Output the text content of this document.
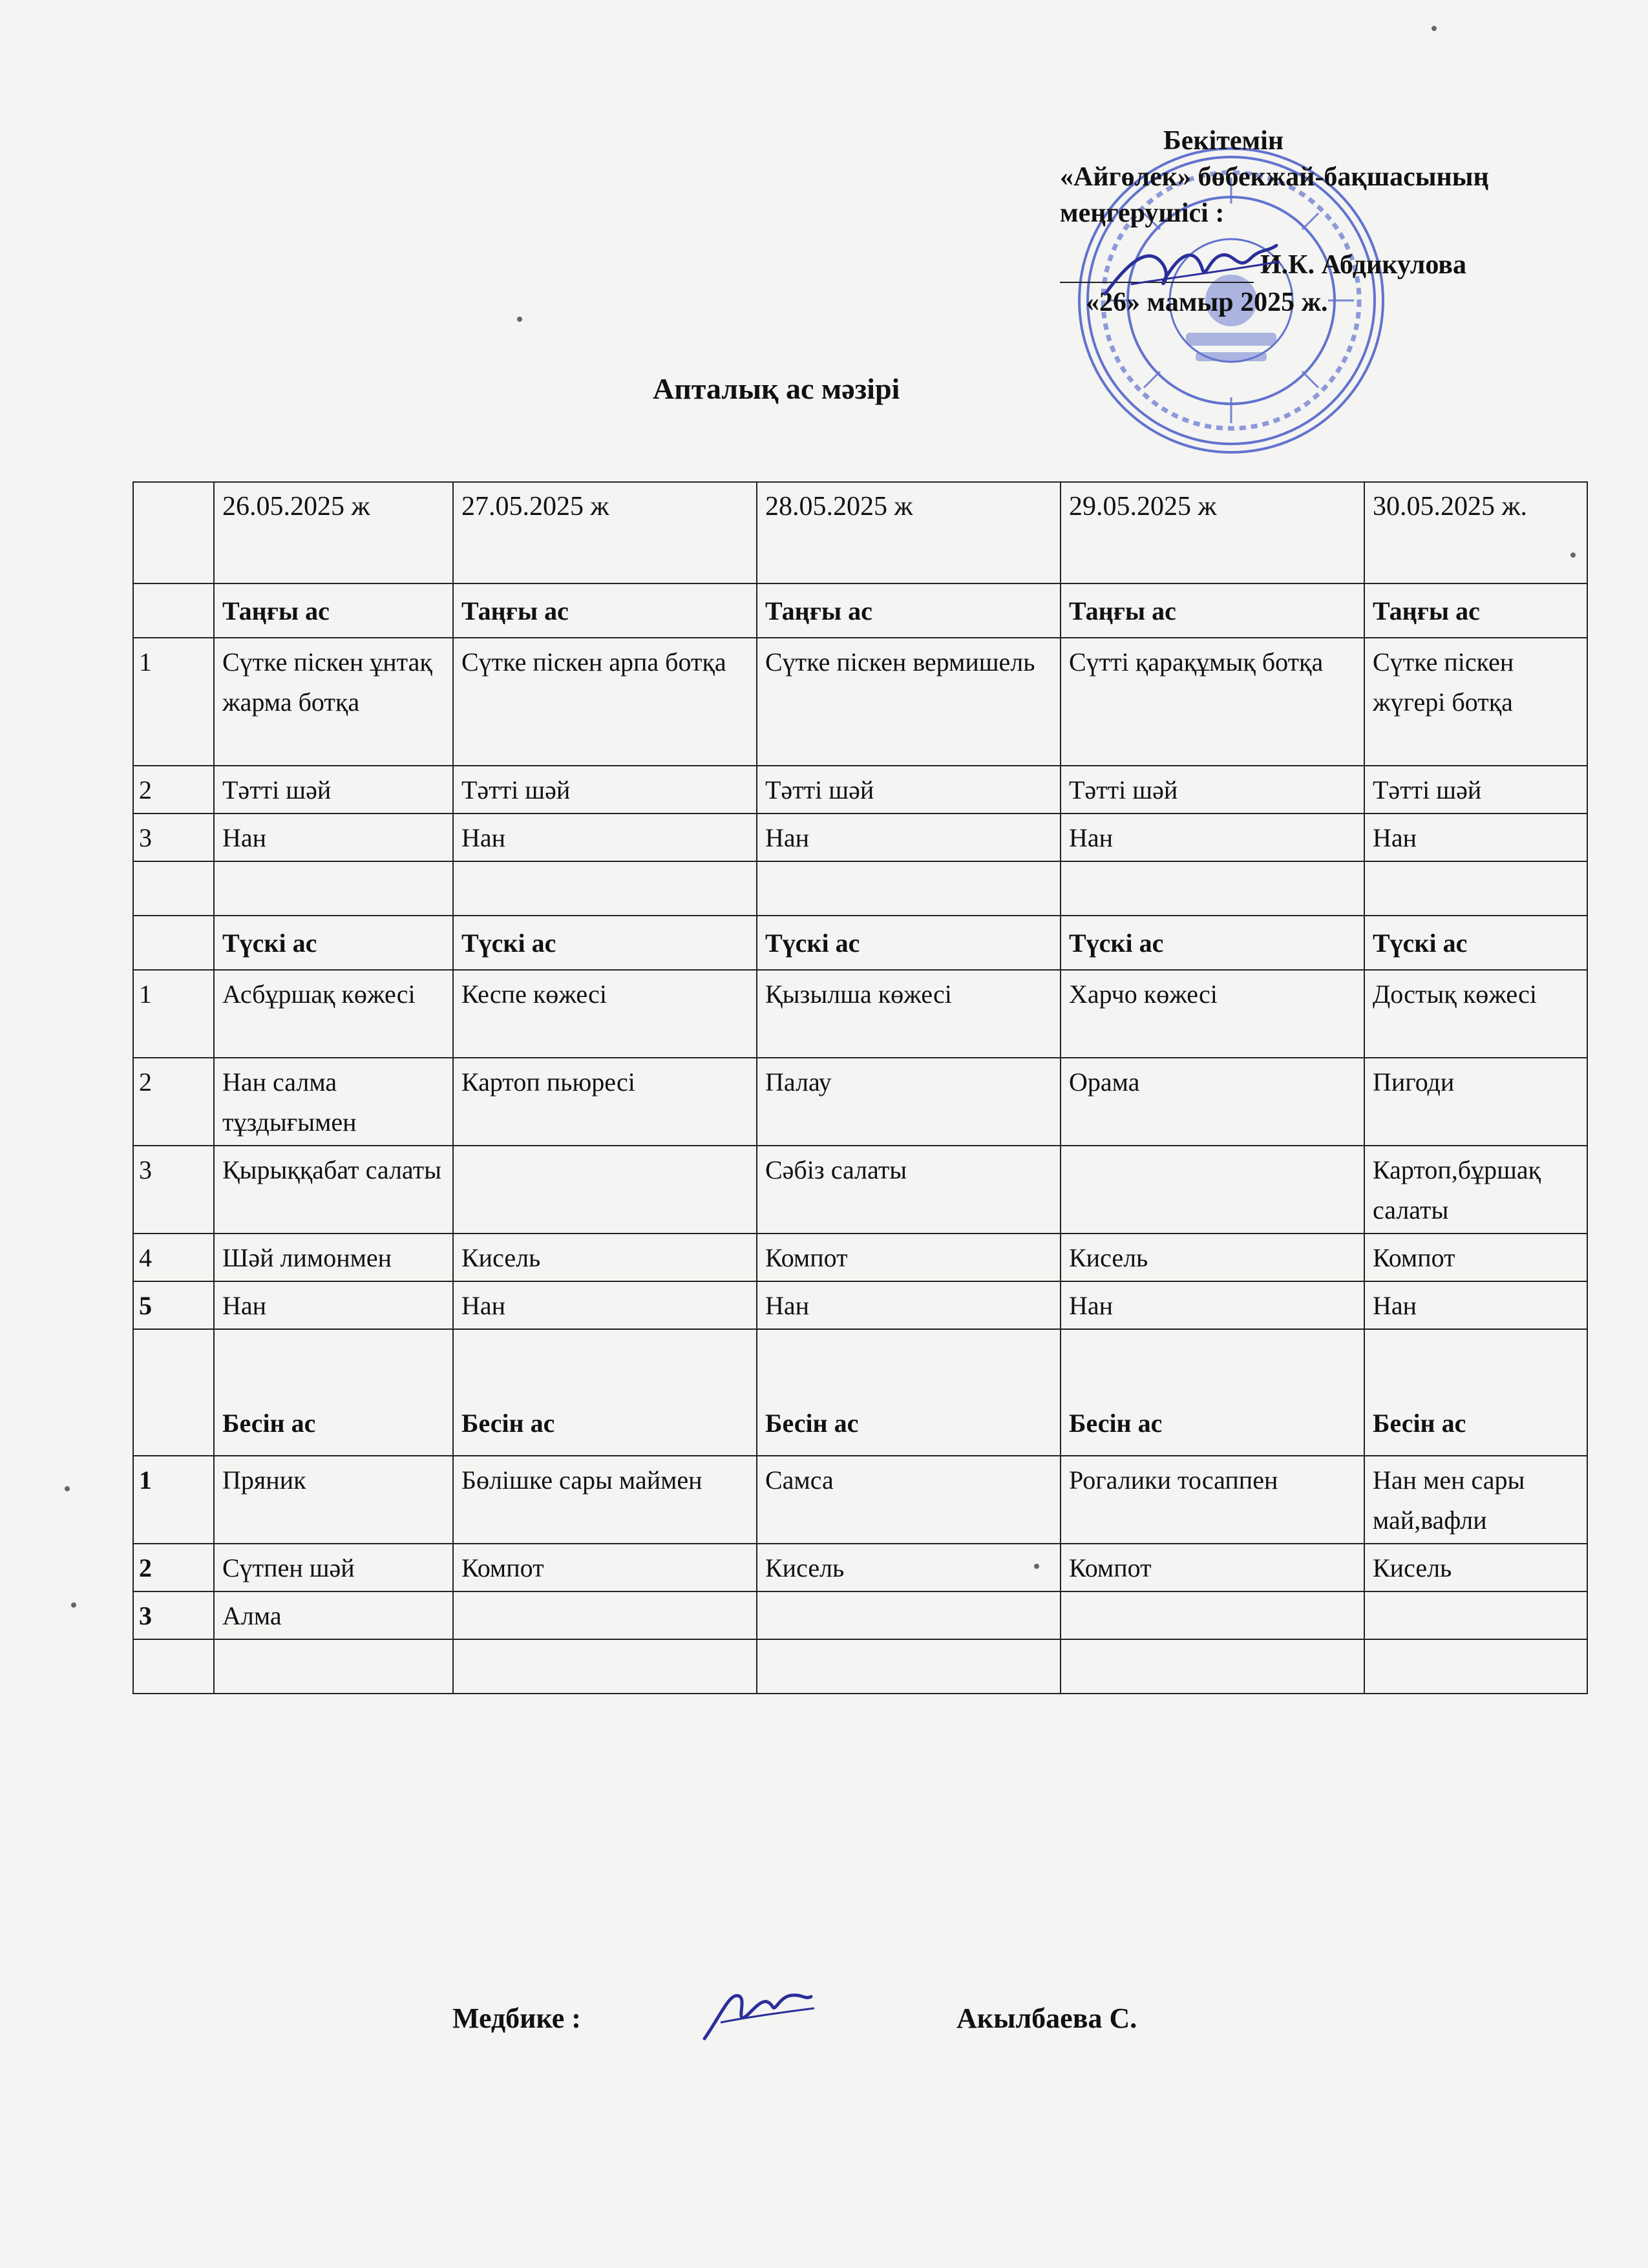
Бекітемін
«Айгөлек» бөбекжай-бақшасының
меңгерушісі :
И.К. Абдикулова
«26» мамыр 2025 ж.
Апталық ас мәзірі
	26.05.2025 ж	27.05.2025 ж	28.05.2025 ж	29.05.2025 ж	30.05.2025 ж.
	Таңғы ас	Таңғы ас	Таңғы ас	Таңғы ас	Таңғы ас
1	Сүтке піскен ұнтақ жарма ботқа	Сүтке піскен арпа ботқа	Сүтке піскен вермишель	Сүтті қарақұмық ботқа	Сүтке піскен жүгері ботқа
2	Тәтті шәй	Тәтті шәй	Тәтті шәй	Тәтті шәй	Тәтті шәй
3	Нан	Нан	Нан	Нан	Нан

	Түскі ас	Түскі ас	Түскі ас	Түскі ас	Түскі ас
1	Асбұршақ көжесі	Кеспе көжесі	Қызылша көжесі	Харчо көжесі	Достық көжесі
2	Нан салма тұздығымен	Картоп пьюресі	Палау	Орама	Пигоди
3	Қырыққабат салаты		Сәбіз салаты		Картоп,бұршақ салаты
4	Шәй лимонмен	Кисель	Компот	Кисель	Компот
5	Нан	Нан	Нан	Нан	Нан
	Бесін ас	Бесін ас	Бесін ас	Бесін ас	Бесін ас
1	Пряник	Бөлішке сары маймен	Самса	Рогалики тосаппен	Нан мен сары май,вафли
2	Сүтпен шәй	Компот	Кисель	Компот	Кисель
3	Алма				

Медбике :	Акылбаева С.
